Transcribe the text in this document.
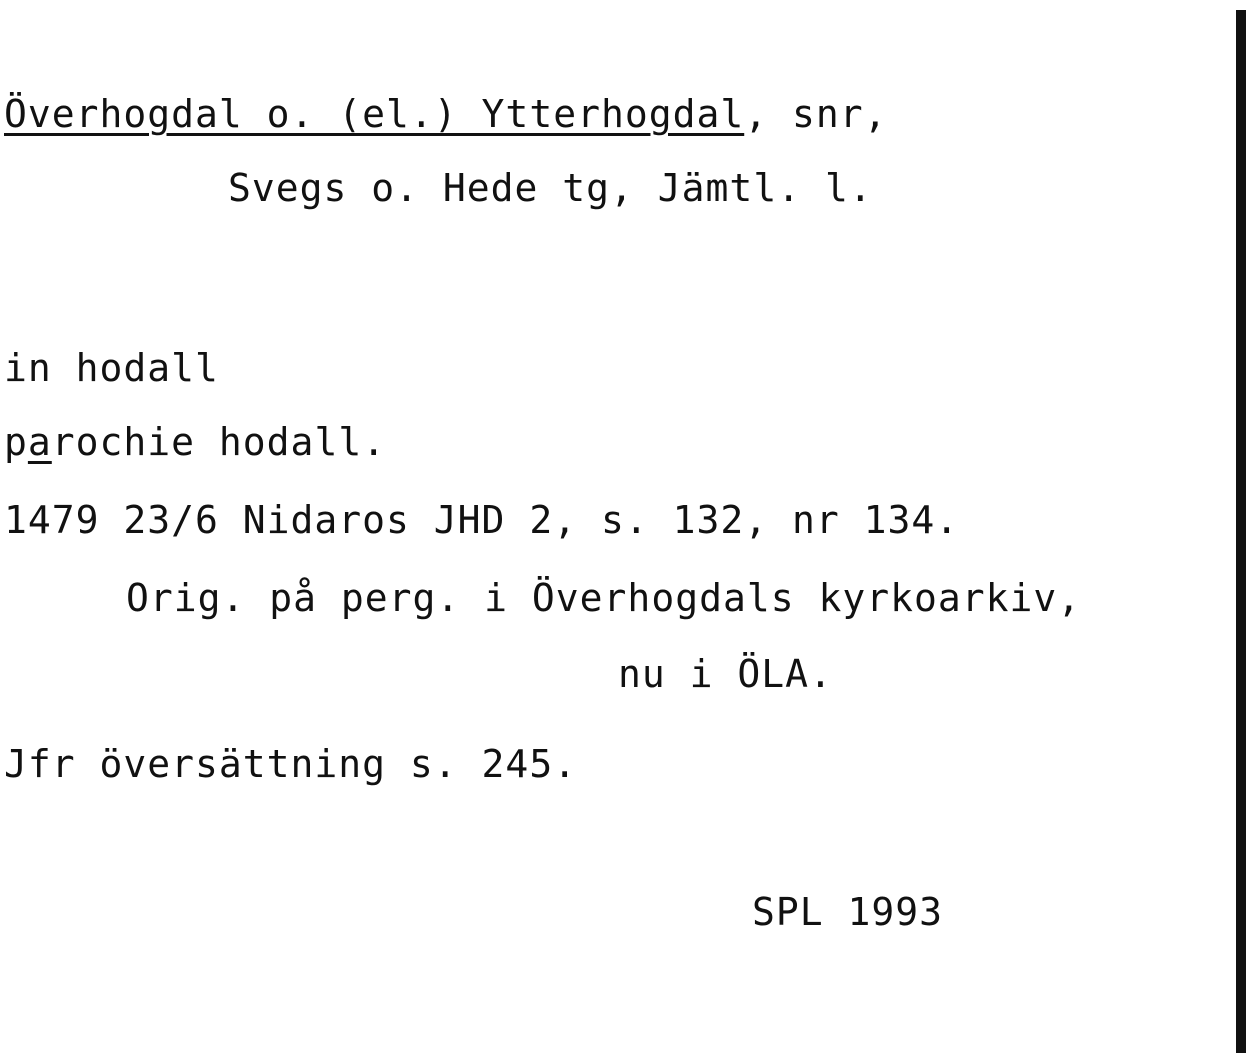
Överhogdal o. (el.) Ytterhogdal, snr,
Svegs o. Hede tg, Jämtl. l.
in hodall
parochie hodall.
1479 23/6 Nidaros JHD 2, s. 132, nr 134.
Orig. på perg. i Överhogdals kyrkoarkiv,
nu i ÖLA.
Jfr översättning s. 245.
SPL 1993
